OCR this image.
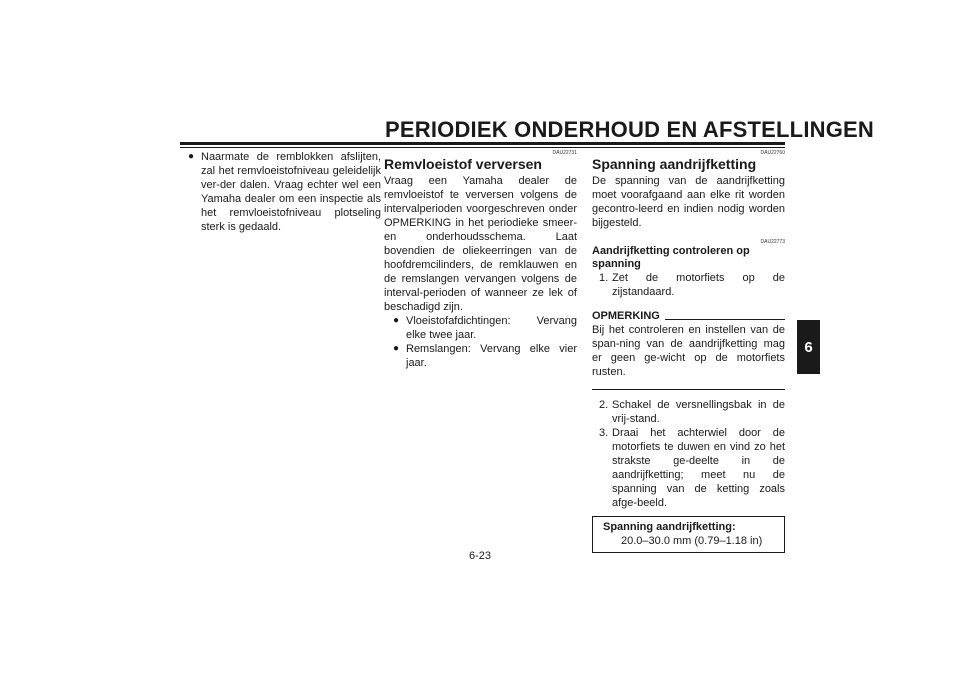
PERIODIEK ONDERHOUD EN AFSTELLINGEN
● Naarmate de remblokken afslijten, zal het remvloeistofniveau geleidelijk ver-der dalen. Vraag echter wel een Yamaha dealer om een inspectie als het remvloeistofniveau plotseling sterk is gedaald.
DAU22731
Remvloeistof verversen

Vraag een Yamaha dealer de remvloeistof te verversen volgens de intervalperioden voorgeschreven onder OPMERKING in het periodieke smeer- en onderhoudsschema. Laat bovendien de oliekeerringen van de hoofdremcilinders, de remklauwen en de remslangen vervangen volgens de interval-perioden of wanneer ze lek of beschadigd zijn.

● Vloeistofafdichtingen: Vervang elke twee jaar.
● Remslangen: Vervang elke vier jaar.
DAU22760
Spanning aandrijfketting

De spanning van de aandrijfketting moet voorafgaand aan elke rit worden gecontro-leerd en indien nodig worden bijgesteld.

DAU22773
Aandrijfketting controleren op spanning
1. Zet de motorfiets op de zijstandaard.
OPMERKING

Bij het controleren en instellen van de span-ning van de aandrijfketting mag er geen ge-wicht op de motorfiets rusten.

2. Schakel de versnellingsbak in de vrij-stand.
3. Draai het achterwiel door de motorfiets te duwen en vind zo het strakste ge-deelte in de aandrijfketting; meet nu de spanning van de ketting zoals afge-beeld.
Spanning aandrijfketting:
20.0–30.0 mm (0.79–1.18 in)
6
6-23
